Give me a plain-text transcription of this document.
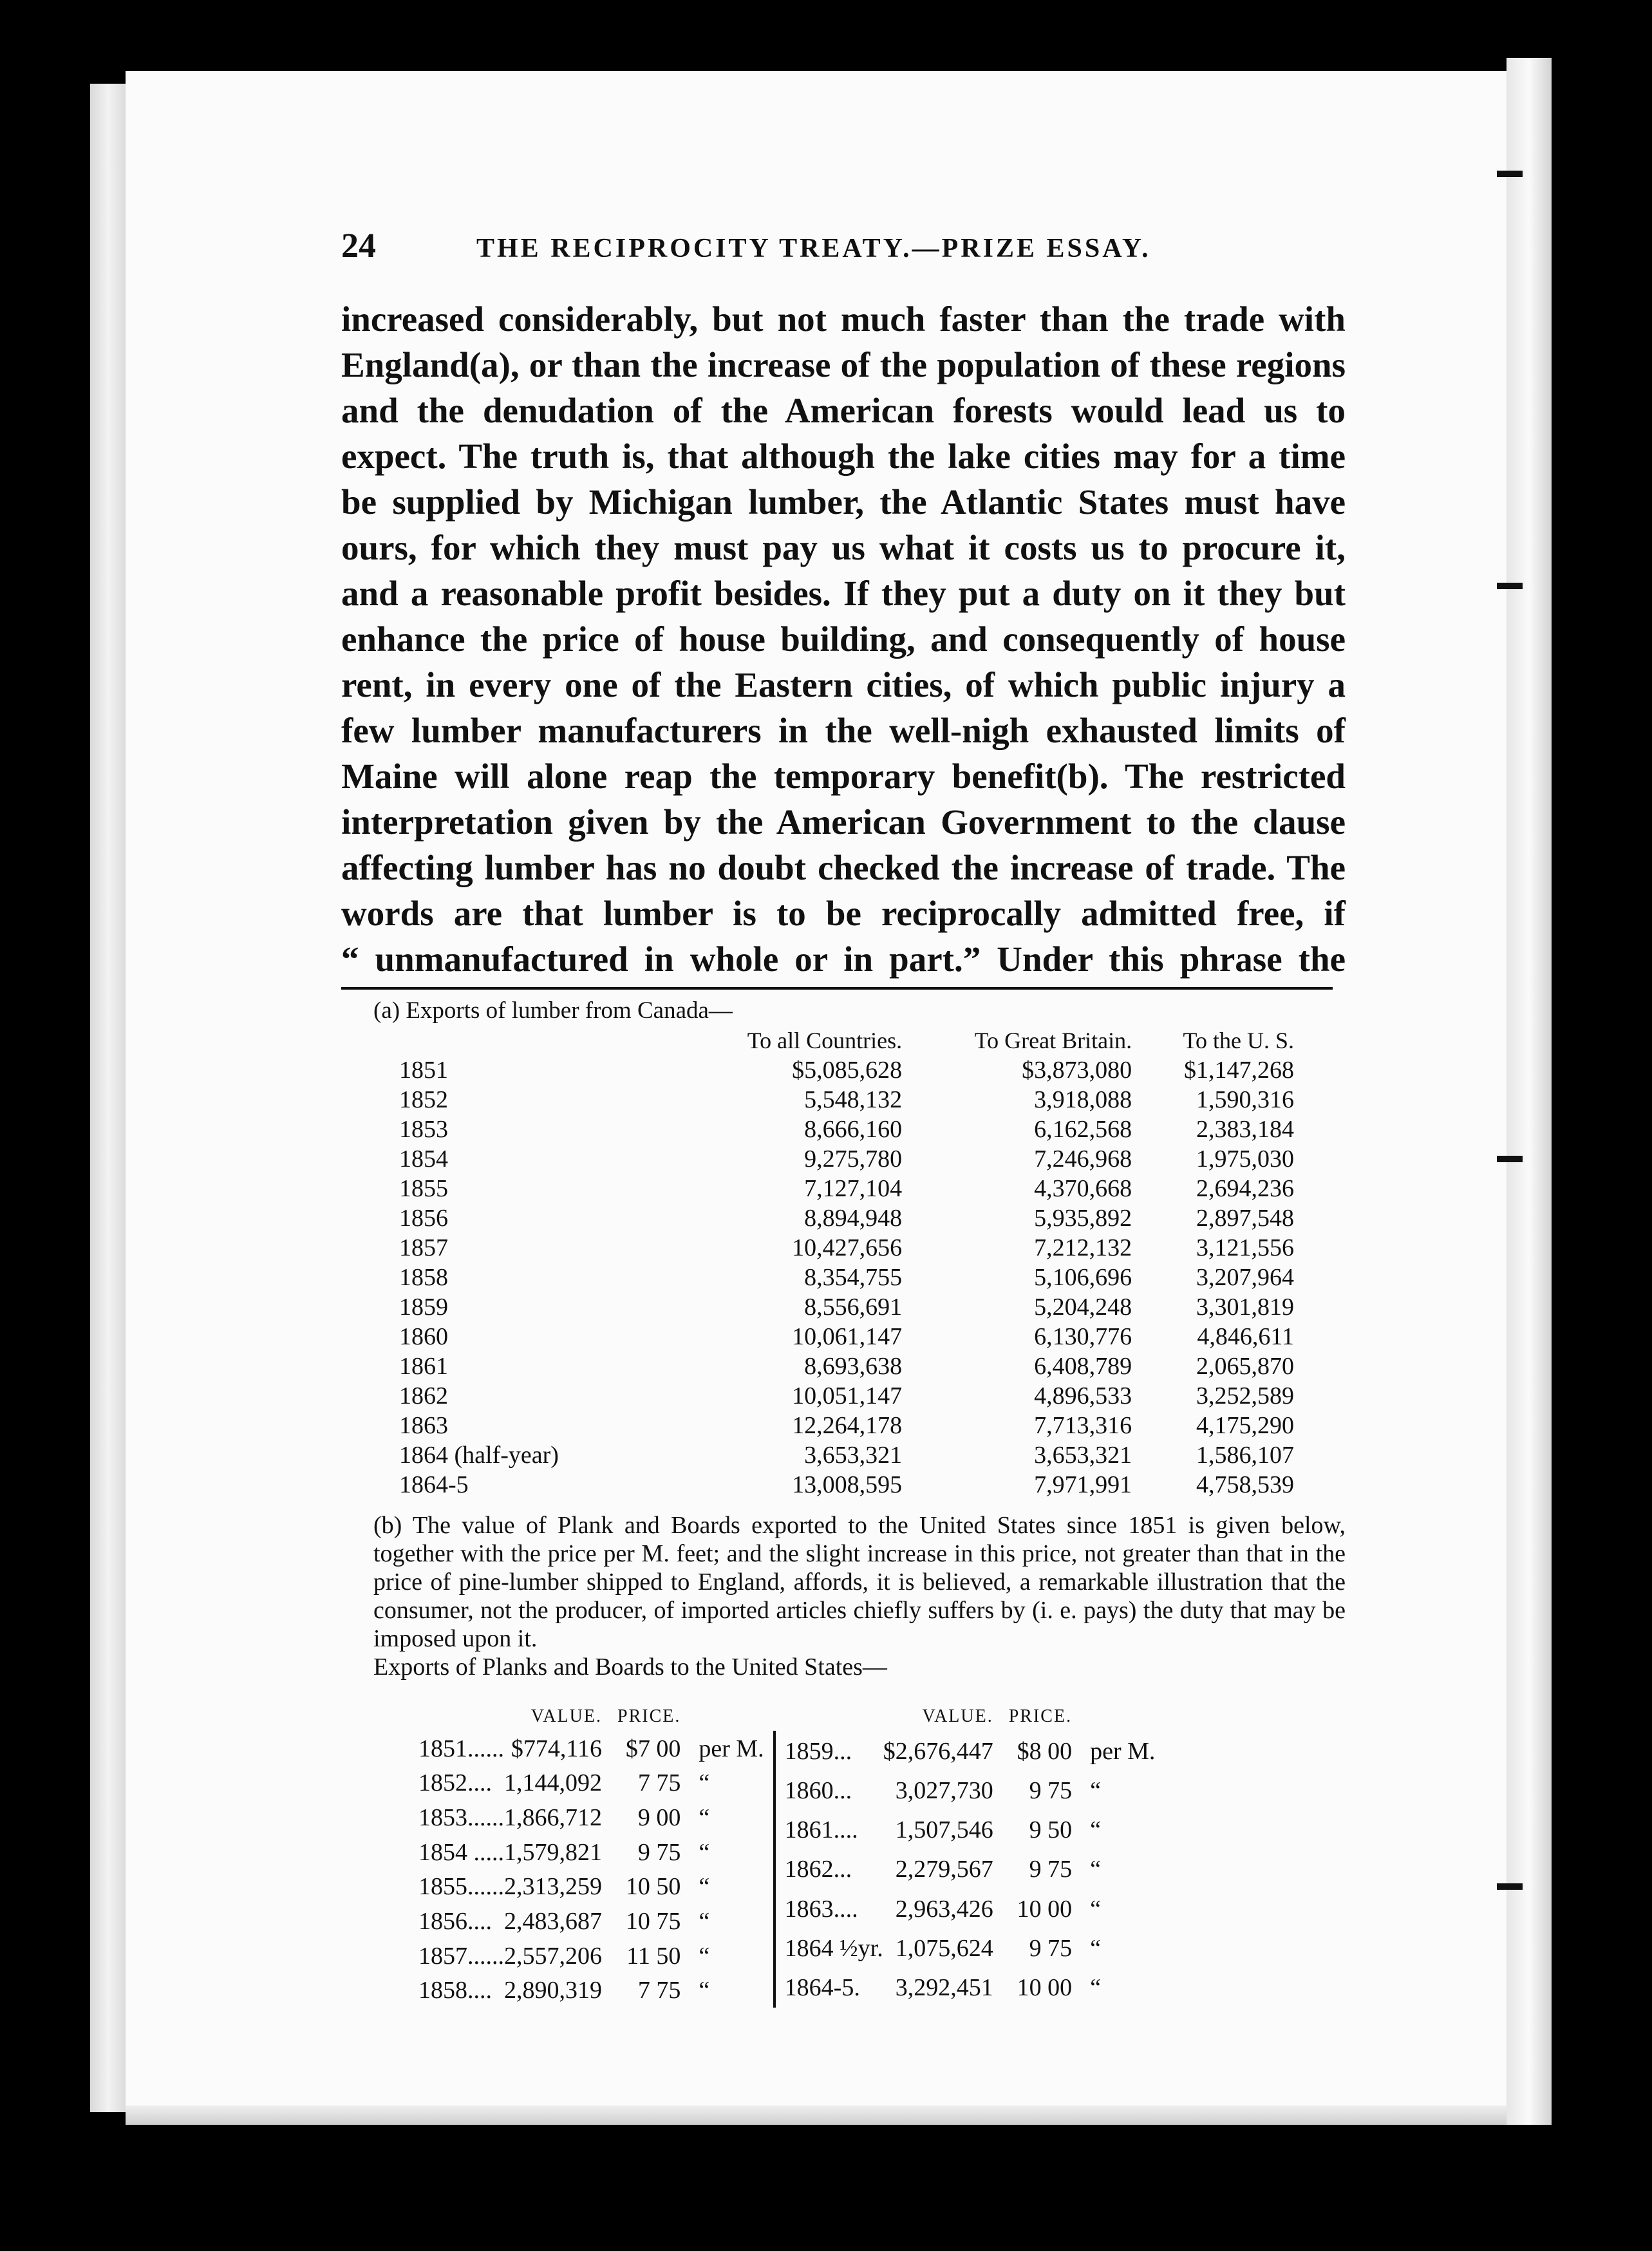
24	THE RECIPROCITY TREATY.—PRIZE ESSAY.
increased considerably, but not much faster than the trade with
England(a), or than the increase of the population of these regions
and the denudation of the American forests would lead us to
expect. The truth is, that although the lake cities may for a time
be supplied by Michigan lumber, the Atlantic States must have
ours, for which they must pay us what it costs us to procure it,
and a reasonable profit besides. If they put a duty on it they but
enhance the price of house building, and consequently of house
rent, in every one of the Eastern cities, of which public injury a
few lumber manufacturers in the well-nigh exhausted limits of
Maine will alone reap the temporary benefit(b). The restricted
interpretation given by the American Government to the clause
affecting lumber has no doubt checked the increase of trade. The
words are that lumber is to be reciprocally admitted free, if
“ unmanufactured in whole or in part.” Under this phrase the
(a) Exports of lumber from Canada—
	To all Countries.	To Great Britain.	To the U. S.
1851	$5,085,628	$3,873,080	$1,147,268
1852	5,548,132	3,918,088	1,590,316
1853	8,666,160	6,162,568	2,383,184
1854	9,275,780	7,246,968	1,975,030
1855	7,127,104	4,370,668	2,694,236
1856	8,894,948	5,935,892	2,897,548
1857	10,427,656	7,212,132	3,121,556
1858	8,354,755	5,106,696	3,207,964
1859	8,556,691	5,204,248	3,301,819
1860	10,061,147	6,130,776	4,846,611
1861	8,693,638	6,408,789	2,065,870
1862	10,051,147	4,896,533	3,252,589
1863	12,264,178	7,713,316	4,175,290
1864 (half-year)	3,653,321	3,653,321	1,586,107
1864-5	13,008,595	7,971,991	4,758,539
(b) The value of Plank and Boards exported to the United States since 1851 is given below, together with the price per M. feet; and the slight increase in this price, not greater than that in the price of pine-lumber shipped to England, affords, it is believed, a remarkable illustration that the consumer, not the producer, of imported articles chiefly suffers by (i. e. pays) the duty that may be imposed upon it.
Exports of Planks and Boards to the United States—
	VALUE.	PRICE.	
1851......	$774,116	$7 00	per M.
1852....	1,144,092	7 75	“
1853......	1,866,712	9 00	“
1854 .....	1,579,821	9 75	“
1855......	2,313,259	10 50	“
1856....	2,483,687	10 75	“
1857......	2,557,206	11 50	“
1858....	2,890,319	7 75	“
	VALUE.	PRICE.	
1859...	$2,676,447	$8 00	per M.
1860...	3,027,730	9 75	“
1861....	1,507,546	9 50	“
1862...	2,279,567	9 75	“
1863....	2,963,426	10 00	“
1864 ½yr.	1,075,624	9 75	“
1864-5.	3,292,451	10 00	“
